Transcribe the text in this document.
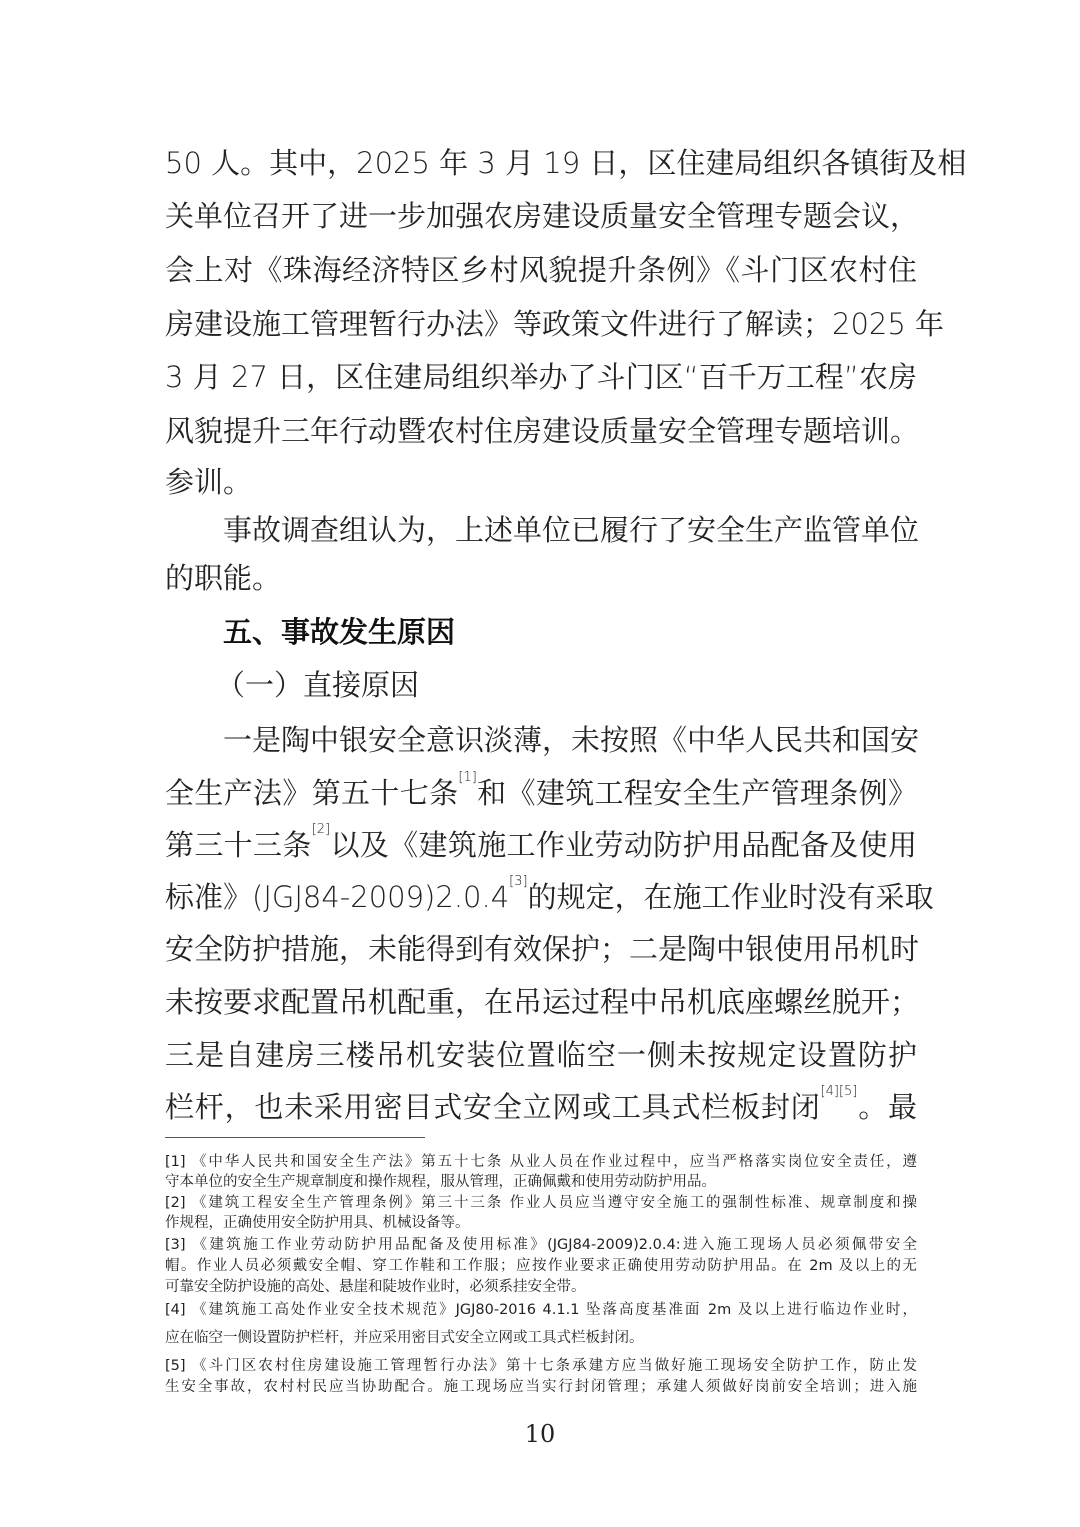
50 人。其中，2025 年 3 月 19 日，区住建局组织各镇街及相
关单位召开了进一步加强农房建设质量安全管理专题会议，
会上对《珠海经济特区乡村风貌提升条例》《斗门区农村住
房建设施工管理暂行办法》等政策文件进行了解读；2025 年
3 月 27 日，区住建局组织举办了斗门区“百千万工程”农房
风貌提升三年行动暨农村住房建设质量安全管理专题培训。
参训。
事故调查组认为，上述单位已履行了安全生产监管单位
的职能。
五、事故发生原因
（一）直接原因
一是陶中银安全意识淡薄，未按照《中华人民共和国安
全生产法》第五十七条[1]和《建筑工程安全生产管理条例》
第三十三条[2]以及《建筑施工作业劳动防护用品配备及使用
标准》(JGJ84-2009)2.0.4[3]的规定，在施工作业时没有采取
安全防护措施，未能得到有效保护；二是陶中银使用吊机时
未按要求配置吊机配重，在吊运过程中吊机底座螺丝脱开；
三是自建房三楼吊机安装位置临空一侧未按规定设置防护
栏杆，也未采用密目式安全立网或工具式栏板封闭[4][5]。最
[1] 《中华人民共和国安全生产法》第五十七条 从业人员在作业过程中，应当严格落实岗位安全责任，遵
守本单位的安全生产规章制度和操作规程，服从管理，正确佩戴和使用劳动防护用品。
[2] 《建筑工程安全生产管理条例》第三十三条 作业人员应当遵守安全施工的强制性标准、规章制度和操
作规程，正确使用安全防护用具、机械设备等。
[3] 《建筑施工作业劳动防护用品配备及使用标准》(JGJ84-2009)2.0.4:进入施工现场人员必须佩带安全
帽。作业人员必须戴安全帽、穿工作鞋和工作服；应按作业要求正确使用劳动防护用品。在 2m 及以上的无
可靠安全防护设施的高处、悬崖和陡坡作业时，必须系挂安全带。
[4] 《建筑施工高处作业安全技术规范》JGJ80-2016 4.1.1 坠落高度基准面 2m 及以上进行临边作业时，
应在临空一侧设置防护栏杆，并应采用密目式安全立网或工具式栏板封闭。
[5] 《斗门区农村住房建设施工管理暂行办法》第十七条承建方应当做好施工现场安全防护工作，防止发
生安全事故，农村村民应当协助配合。施工现场应当实行封闭管理；承建人须做好岗前安全培训；进入施
10
